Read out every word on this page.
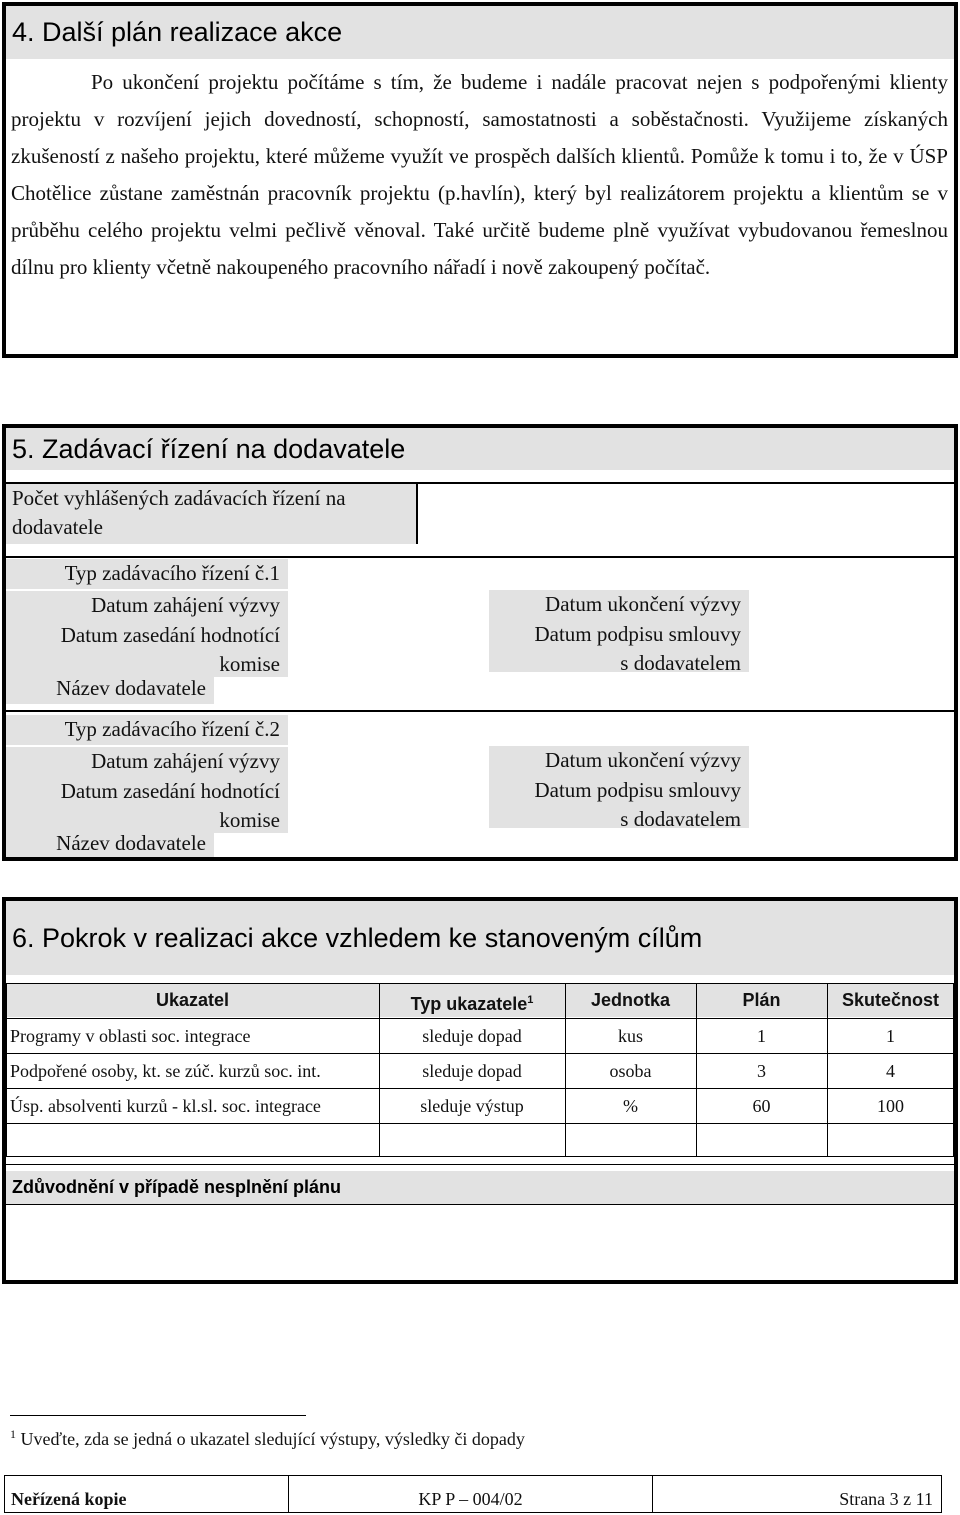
4. Další plán realizace akce

Po ukončení projektu počítáme s tím, že budeme i nadále pracovat nejen s podpořenými klienty projektu v rozvíjení jejich dovedností, schopností, samostatnosti a soběstačnosti. Využijeme získaných zkušeností z našeho projektu, které můžeme využít ve prospěch dalších klientů. Pomůže k tomu i to, že v ÚSP Chotělice zůstane zaměstnán pracovník projektu (p.havlín), který byl realizátorem projektu a klientům se v průběhu celého projektu velmi pečlivě věnoval. Také určitě budeme plně využívat vybudovanou řemeslnou dílnu pro klienty včetně nakoupeného pracovního nářadí i nově zakoupený počítač.

5. Zadávací řízení na dodavatele
Počet vyhlášených zadávacích řízení na
dodavatele
Typ zadávacího řízení č.1
Datum zahájení výzvy
Datum zasedání hodnotící
komise
Název dodavatele
Datum ukončení výzvy
Datum podpisu smlouvy
s dodavatelem
Typ zadávacího řízení č.2
Datum zahájení výzvy
Datum zasedání hodnotící
komise
Název dodavatele
Datum ukončení výzvy
Datum podpisu smlouvy
s dodavatelem
6. Pokrok v realizaci akce vzhledem ke stanoveným cílům
Ukazatel	Typ ukazatele$^1$	Jednotka	Plán	Skutečnost
Programy v oblasti soc. integrace	sleduje dopad	kus	1	1
Podpořené osoby, kt. se zúč. kurzů soc. int.	sleduje dopad	osoba	3	4
Úsp. absolventi kurzů - kl.sl. soc. integrace	sleduje výstup	%	60	100
Zdůvodnění v případě nesplnění plánu
$^1$ Uveďte, zda se jedná o ukazatel sledující výstupy, výsledky či dopady
Neřízená kopie	KP P – 004/02	Strana 3 z 11
